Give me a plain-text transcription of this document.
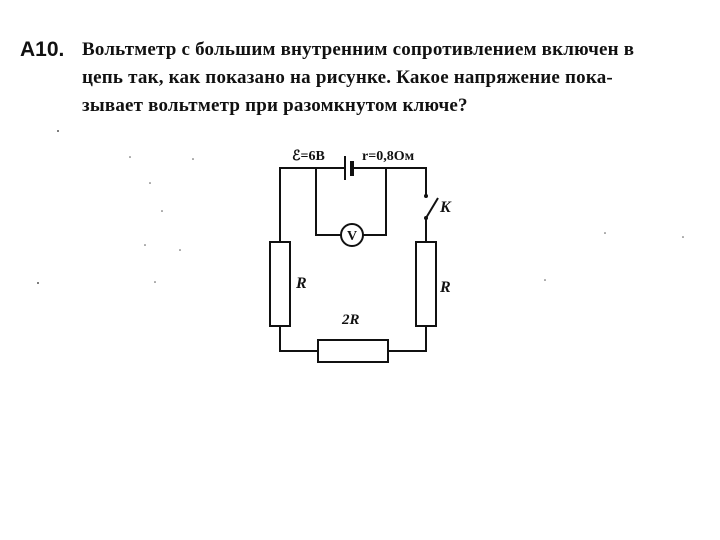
А10. Вольтметр с большим внутренним сопротивлением включен в
цепь так, как показано на рисунке. Какое напряжение пока-
зывает вольтметр при разомкнутом ключе?
V
ℰ=6В	r=0,8Ом
K
R	R
2R
